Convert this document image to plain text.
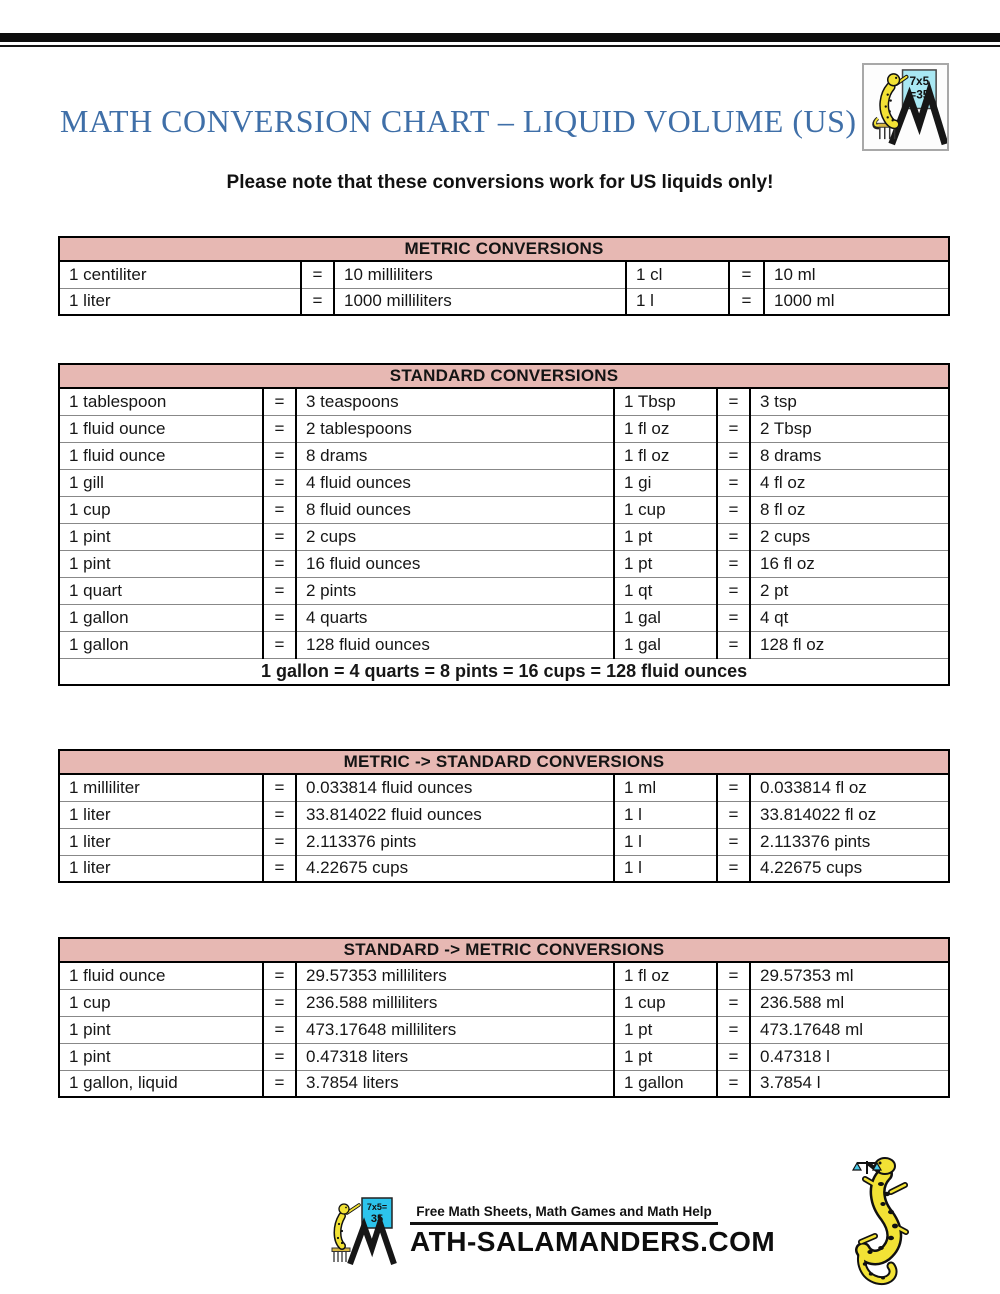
MATH CONVERSION CHART – LIQUID VOLUME (US)
7x5
=35
Please note that these conversions work for US liquids only!
METRIC CONVERSIONS					
1 centiliter	=	10 milliliters	1 cl	=	10 ml
1 liter	=	1000 milliliters	1 l	=	1000 ml
STANDARD CONVERSIONS					
1 tablespoon	=	3 teaspoons	1 Tbsp	=	3 tsp
1 fluid ounce	=	2 tablespoons	1 fl oz	=	2 Tbsp
1 fluid ounce	=	8 drams	1 fl oz	=	8 drams
1 gill	=	4 fluid ounces	1 gi	=	4 fl oz
1 cup	=	8 fluid ounces	1 cup	=	8 fl oz
1 pint	=	2 cups	1 pt	=	2 cups
1 pint	=	16 fluid ounces	1 pt	=	16 fl oz
1 quart	=	2 pints	1 qt	=	2 pt
1 gallon	=	4 quarts	1 gal	=	4 qt
1 gallon	=	128 fluid ounces	1 gal	=	128 fl oz
1 gallon = 4 quarts = 8 pints = 16 cups = 128 fluid ounces					
METRIC -> STANDARD CONVERSIONS					
1 milliliter	=	0.033814 fluid ounces	1 ml	=	0.033814 fl oz
1 liter	=	33.814022 fluid ounces	1 l	=	33.814022 fl oz
1 liter	=	2.113376 pints	1 l	=	2.113376 pints
1 liter	=	4.22675 cups	1 l	=	4.22675 cups
STANDARD -> METRIC CONVERSIONS					
1 fluid ounce	=	29.57353 milliliters	1 fl oz	=	29.57353 ml
1 cup	=	236.588 milliliters	1 cup	=	236.588 ml
1 pint	=	473.17648 milliliters	1 pt	=	473.17648 ml
1 pint	=	0.47318 liters	1 pt	=	0.47318 l
1 gallon, liquid	=	3.7854 liters	1 gallon	=	3.7854 l
7x5=
35	Free Math Sheets, Math Games and Math Help
ATH-SALAMANDERS.COM
